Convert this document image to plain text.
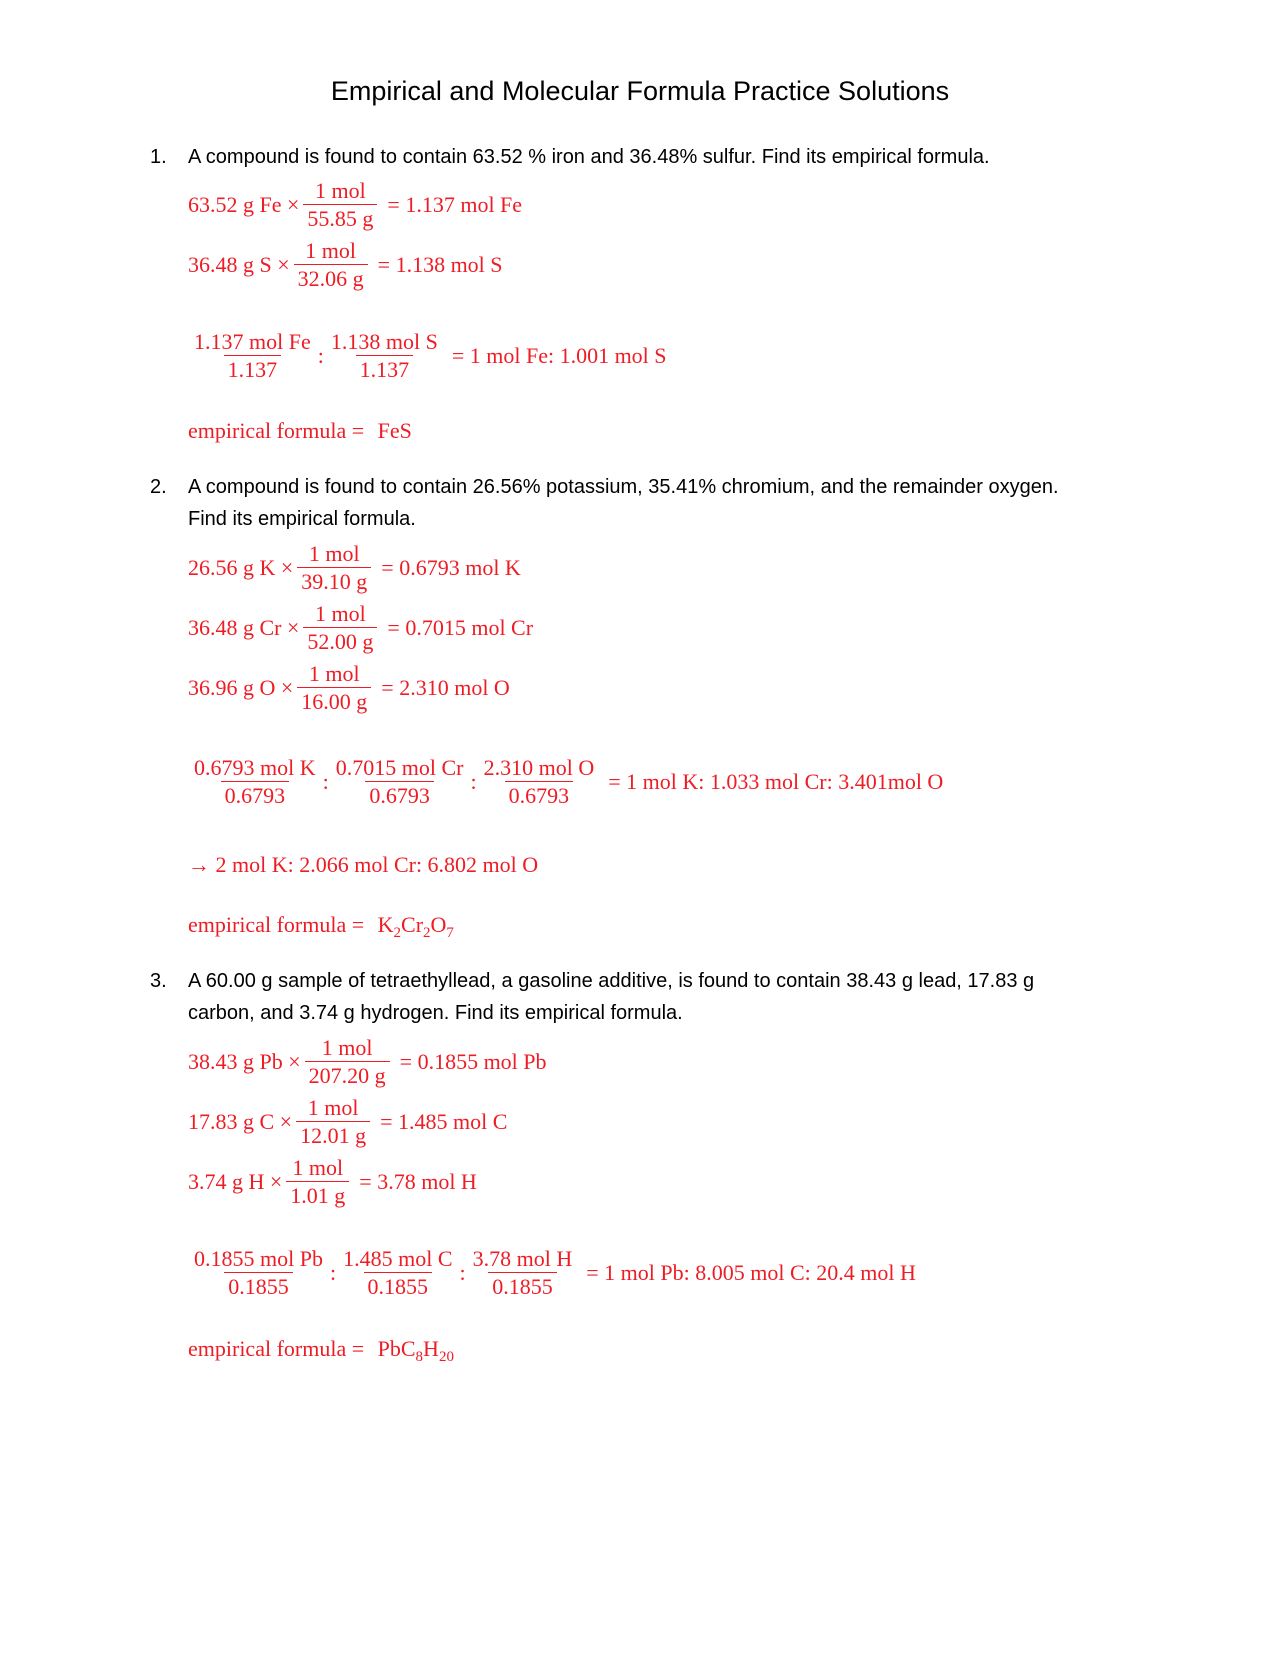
Empirical and Molecular Formula Practice Solutions
1. A compound is found to contain 63.52 % iron and 36.48% sulfur. Find its empirical formula.
63.52 g $Fe \times \frac{\text{1 mol}}{55.85 g} = 1.137$ mol Fe
36.48 g $S \times \frac{\text{1 mol}}{32.06 g} = 1.138$ mol S
$\frac{\text{1.137 mol Fe}}{1.137}$ : $\frac{\text{1.138 mol S}}{1.137} = 1$ mol Fe: 1.001 mol S
empirical formula = FeS
2. A compound is found to contain 26.56% potassium, 35.41% chromium, and the remainder oxygen.
Find its empirical formula.
26.56 g $K \times \frac{\text{1 mol}}{39.10 g} = 0.6793$ mol K
36.48 g $Cr \times \frac{\text{1 mol}}{52.00 g} = 0.7015$ mol Cr
36.96 g $O \times \frac{\text{1 mol}}{16.00 g} = 2.310$ mol O
$\frac{\text{0.6793 mol K}}{0.6793}$ : $\frac{\text{0.7015 mol Cr}}{0.6793}$ : $\frac{\text{2.310 mol O}}{0.6793} = 1$ mol K: 1.033 mol Cr: 3.401mol O
→ 2 mol K: 2.066 mol Cr: 6.802 mol O
empirical formula = $K_2Cr_2O_7$
3. A 60.00 g sample of tetraethyllead, a gasoline additive, is found to contain 38.43 g lead, 17.83 g
carbon, and 3.74 g hydrogen. Find its empirical formula.
38.43 g $Pb \times \frac{\text{1 mol}}{207.20 g} = 0.1855$ mol Pb
17.83 g $C \times \frac{\text{1 mol}}{12.01 g} = 1.485$ mol C
3.74 g $H \times \frac{\text{1 mol}}{1.01 g} = 3.78$ mol H
$\frac{\text{0.1855 mol Pb}}{0.1855}$ : $\frac{\text{1.485 mol C}}{0.1855}$ : $\frac{\text{3.78 mol H}}{0.1855} = 1$ mol Pb: 8.005 mol C: 20.4 mol H
empirical formula = $PbC_8H_{20}$
